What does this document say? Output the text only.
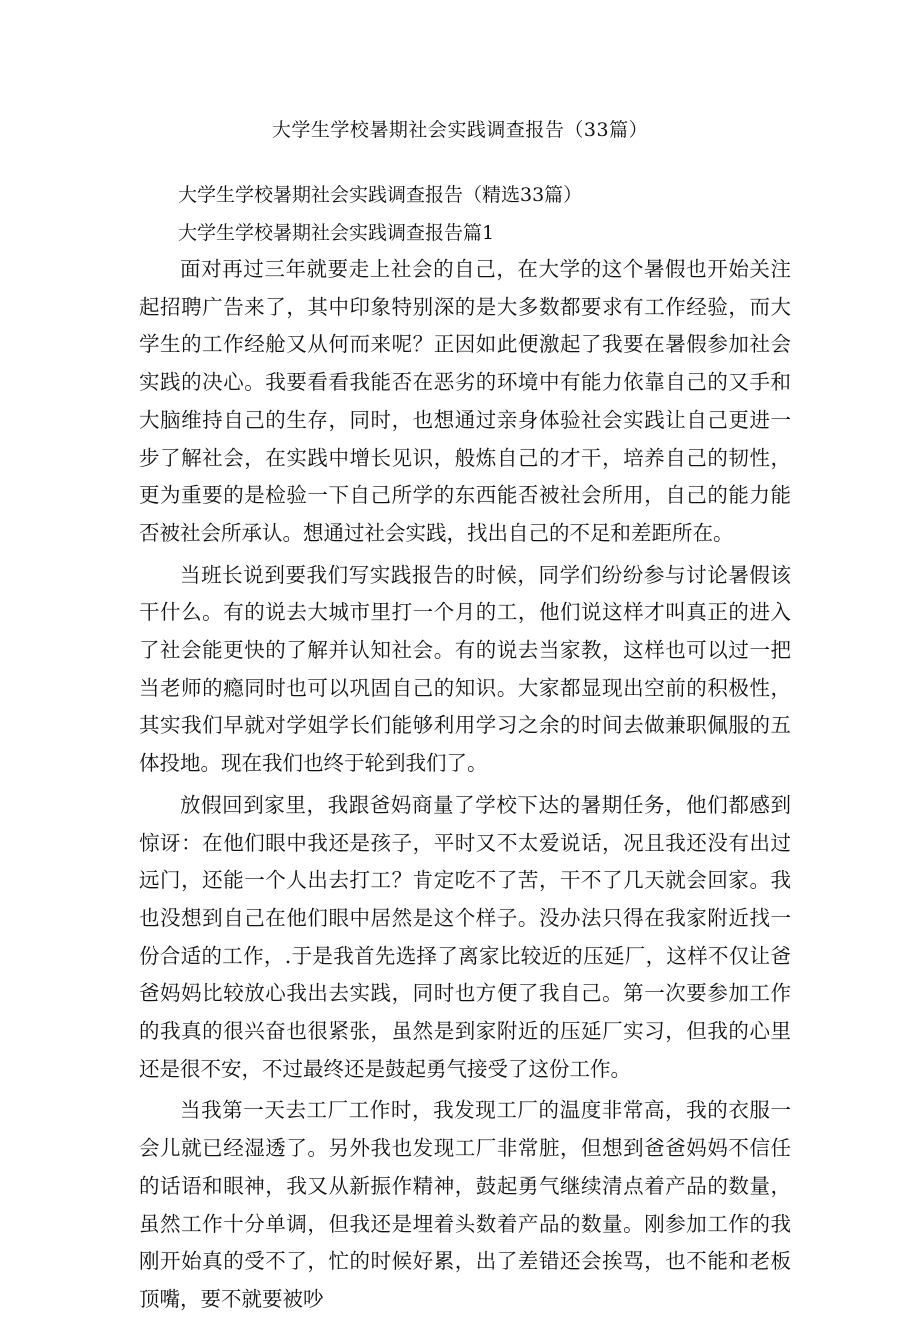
大学生学校暑期社会实践调查报告（33篇）
大学生学校暑期社会实践调查报告（精选33篇）
大学生学校暑期社会实践调查报告篇1

面对再过三年就要走上社会的自己，在大学的这个暑假也开始关注起招聘广告来了，其中印象特别深的是大多数都要求有工作经验，而大学生的工作经舱又从何而来呢？正因如此便激起了我要在暑假参加社会实践的决心。我要看看我能否在恶劣的环境中有能力依靠自己的又手和大脑维持自己的生存，同时，也想通过亲身体验社会实践让自己更进一步了解社会，在实践中增长见识，般炼自己的才干，培养自己的韧性，更为重要的是检验一下自己所学的东西能否被社会所用，自己的能力能否被社会所承认。想通过社会实践，找出自己的不足和差距所在。

当班长说到要我们写实践报告的时候，同学们纷纷参与讨论暑假该干什么。有的说去大城市里打一个月的工，他们说这样才叫真正的进入了社会能更快的了解并认知社会。有的说去当家教，这样也可以过一把当老师的瘾同时也可以巩固自己的知识。大家都显现出空前的积极性，其实我们早就对学姐学长们能够利用学习之余的时间去做兼职佩服的五体投地。现在我们也终于轮到我们了。

放假回到家里，我跟爸妈商量了学校下达的暑期任务，他们都感到惊讶：在他们眼中我还是孩子，平时又不太爱说话，况且我还没有出过远门，还能一个人出去打工？肯定吃不了苦，干不了几天就会回家。我也没想到自己在他们眼中居然是这个样子。没办法只得在我家附近找一份合适的工作，.于是我首先选择了离家比较近的压延厂，这样不仅让爸爸妈妈比较放心我出去实践，同时也方便了我自己。第一次要参加工作的我真的很兴奋也很紧张，虽然是到家附近的压延厂实习，但我的心里还是很不安，不过最终还是鼓起勇气接受了这份工作。

当我第一天去工厂工作时，我发现工厂的温度非常高，我的衣服一会儿就已经湿透了。另外我也发现工厂非常脏，但想到爸爸妈妈不信任的话语和眼神，我又从新振作精神，鼓起勇气继续清点着产品的数量，虽然工作十分单调，但我还是埋着头数着产品的数量。刚参加工作的我刚开始真的受不了，忙的时候好累，出了差错还会挨骂，也不能和老板顶嘴，要不就要被吵
